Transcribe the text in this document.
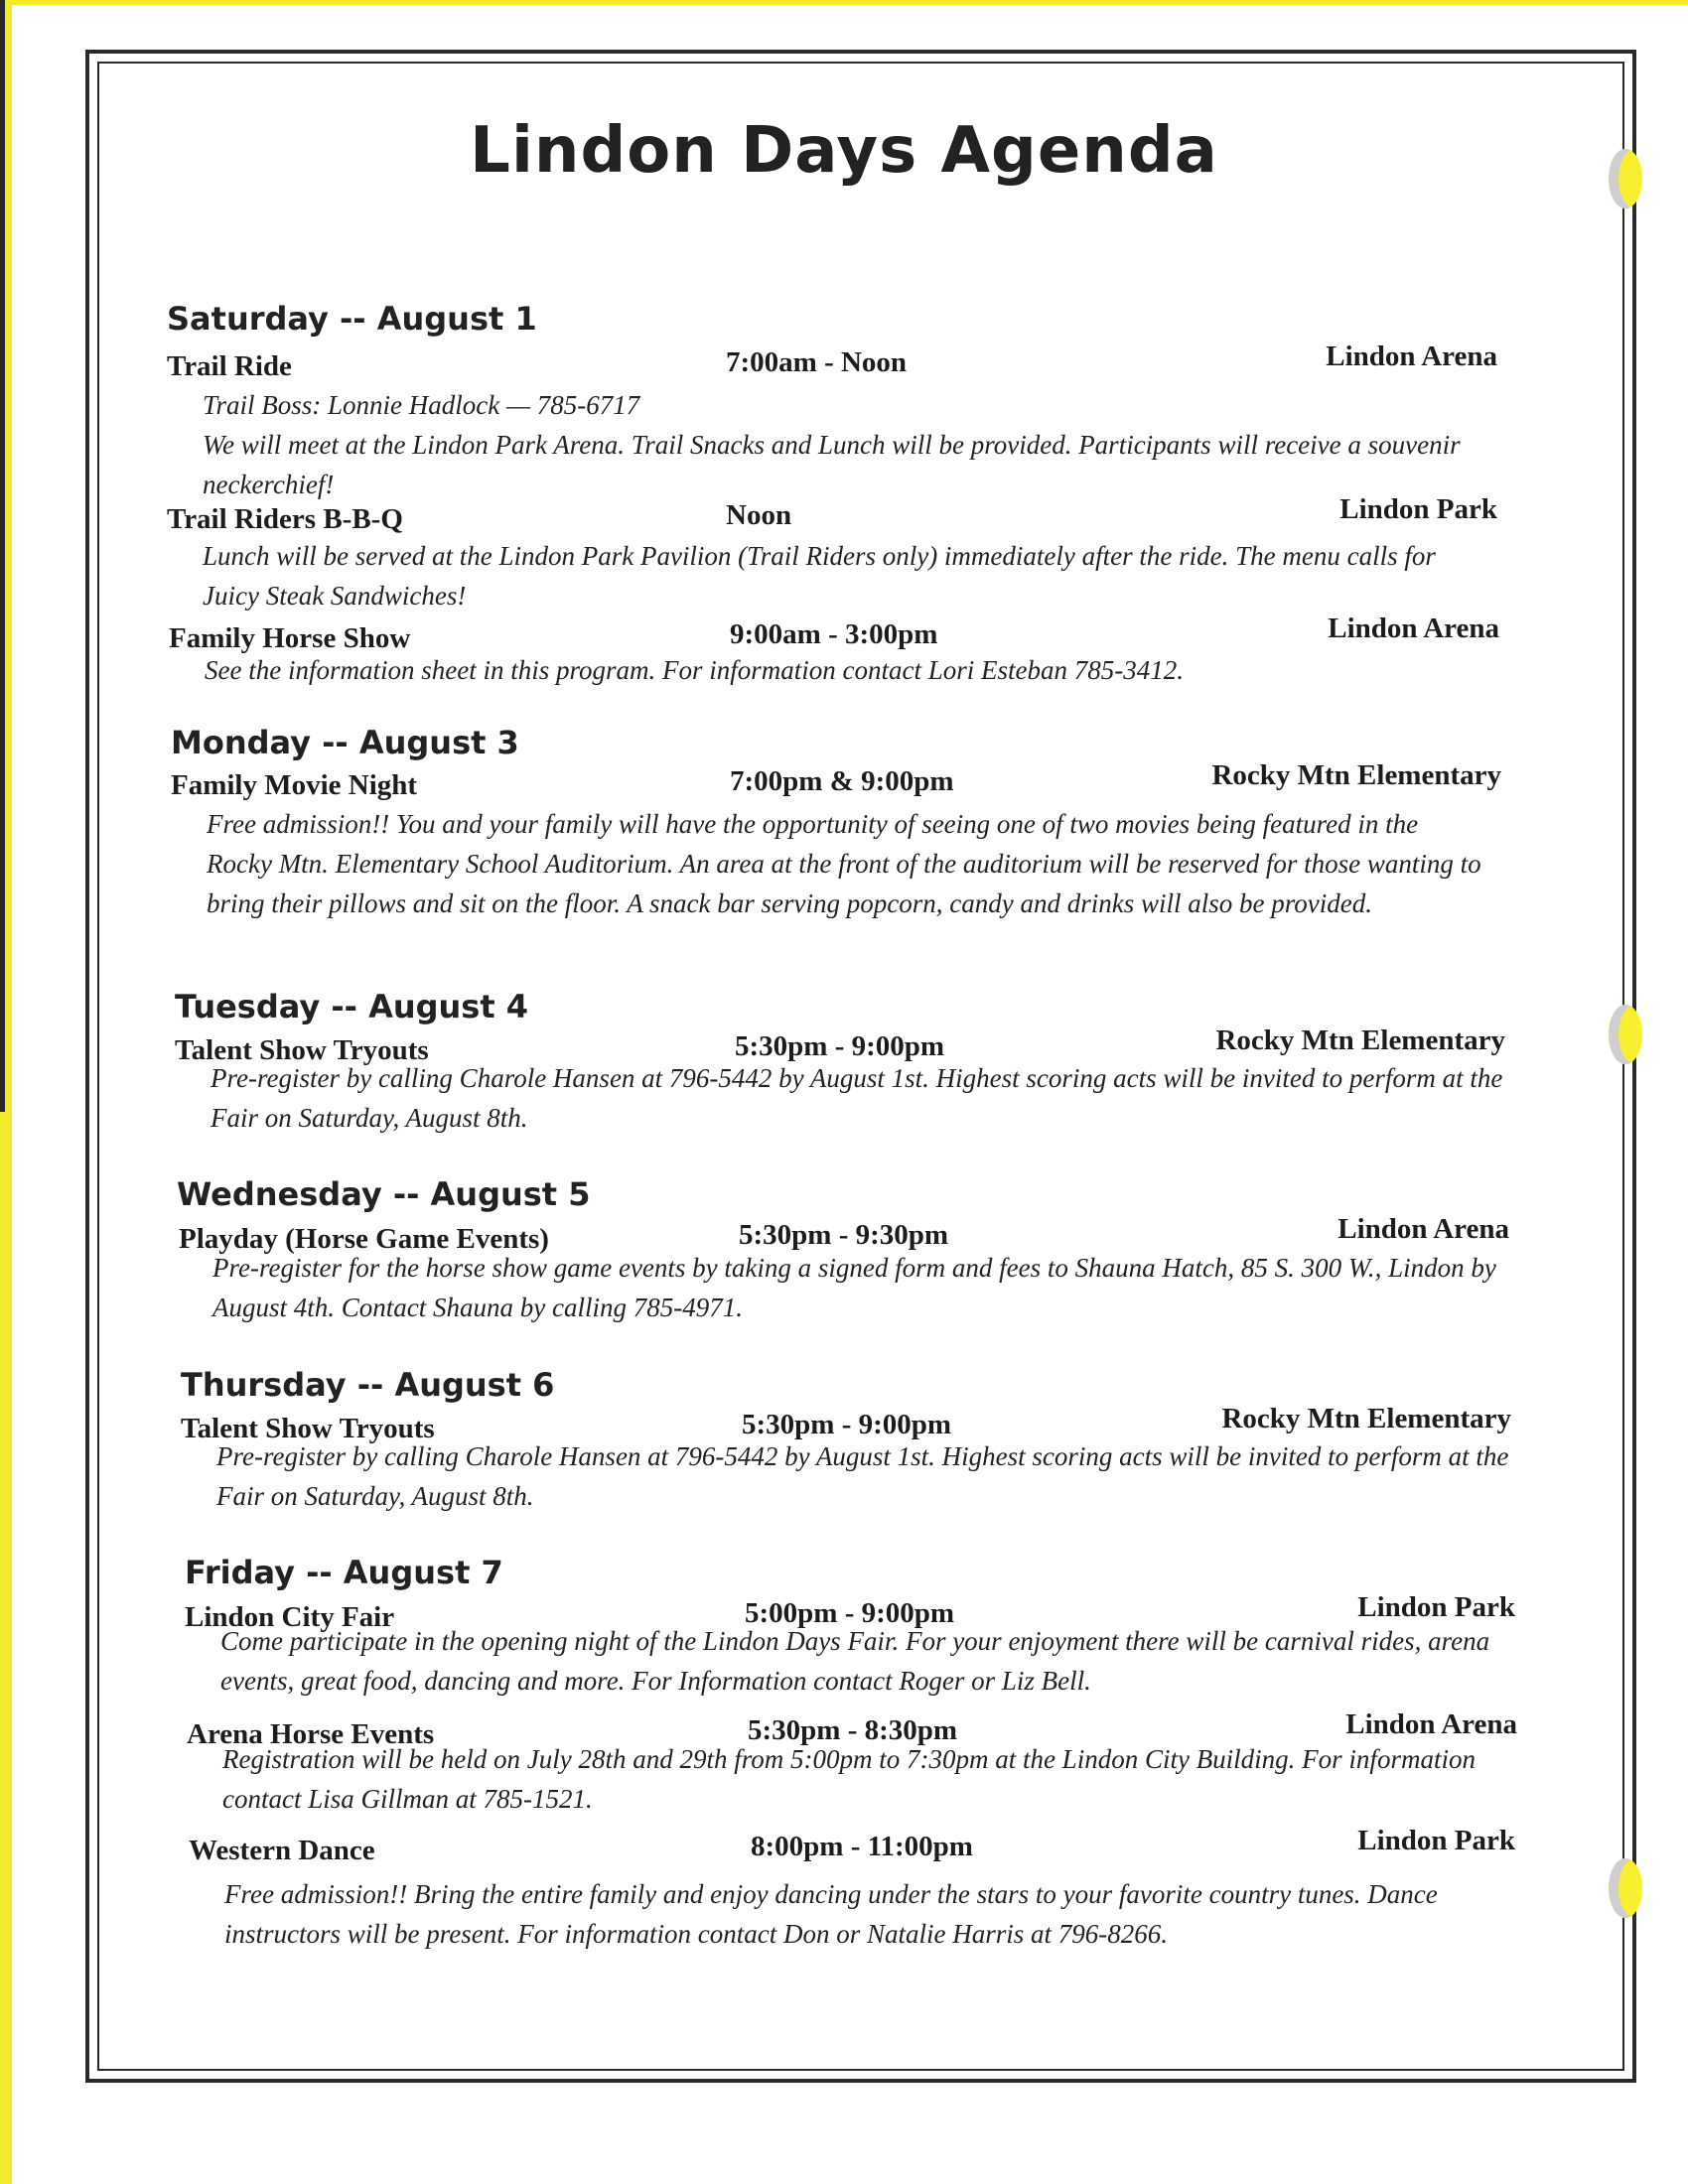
Lindon Days Agenda
Saturday -- August 1
Trail Ride	7:00am - Noon	Lindon Arena

Trail Boss: Lonnie Hadlock — 785-6717
We will meet at the Lindon Park Arena. Trail Snacks and Lunch will be provided. Participants will receive a souvenir neckerchief!

Trail Riders B-B-Q	Noon	Lindon Park

Lunch will be served at the Lindon Park Pavilion (Trail Riders only) immediately after the ride. The menu calls for Juicy Steak Sandwiches!

Family Horse Show	9:00am - 3:00pm	Lindon Arena

See the information sheet in this program. For information contact Lori Esteban 785-3412.

Monday -- August 3
Family Movie Night	7:00pm & 9:00pm	Rocky Mtn Elementary

Free admission!! You and your family will have the opportunity of seeing one of two movies being featured in the Rocky Mtn. Elementary School Auditorium. An area at the front of the auditorium will be reserved for those wanting to bring their pillows and sit on the floor. A snack bar serving popcorn, candy and drinks will also be provided.

Tuesday -- August 4
Talent Show Tryouts	5:30pm - 9:00pm	Rocky Mtn Elementary

Pre-register by calling Charole Hansen at 796-5442 by August 1st. Highest scoring acts will be invited to perform at the Fair on Saturday, August 8th.

Wednesday -- August 5
Playday (Horse Game Events)	5:30pm - 9:30pm	Lindon Arena

Pre-register for the horse show game events by taking a signed form and fees to Shauna Hatch, 85 S. 300 W., Lindon by August 4th. Contact Shauna by calling 785-4971.

Thursday -- August 6
Talent Show Tryouts	5:30pm - 9:00pm	Rocky Mtn Elementary

Pre-register by calling Charole Hansen at 796-5442 by August 1st. Highest scoring acts will be invited to perform at the Fair on Saturday, August 8th.

Friday -- August 7
Lindon City Fair	5:00pm - 9:00pm	Lindon Park

Come participate in the opening night of the Lindon Days Fair. For your enjoyment there will be carnival rides, arena events, great food, dancing and more. For Information contact Roger or Liz Bell.

Arena Horse Events	5:30pm - 8:30pm	Lindon Arena

Registration will be held on July 28th and 29th from 5:00pm to 7:30pm at the Lindon City Building. For information contact Lisa Gillman at 785-1521.

Western Dance	8:00pm - 11:00pm	Lindon Park

Free admission!! Bring the entire family and enjoy dancing under the stars to your favorite country tunes. Dance instructors will be present. For information contact Don or Natalie Harris at 796-8266.
